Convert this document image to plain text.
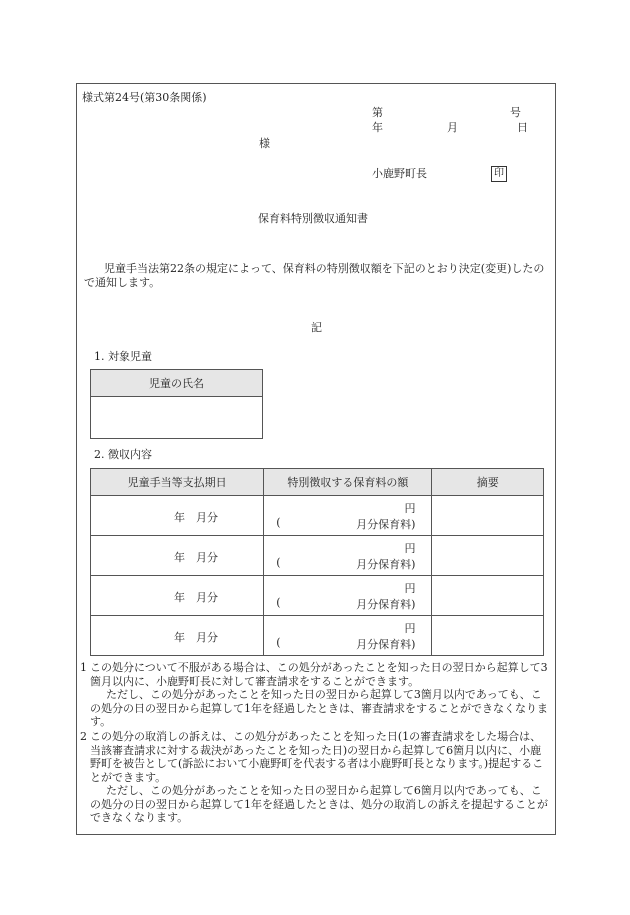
様式第24号(第30条関係)
第	号
年	月	日
様
小鹿野町長	印
保育料特別徴収通知書
児童手当法第22条の規定によって、保育料の特別徴収額を下記のとおり決定(変更)したので通知します。
記
1. 対象児童
児童の氏名

2. 徴収内容
児童手当等支払期日	特別徴収する保育料の額	摘要

年　月分	円
( 月分保育料)	

年　月分	円
( 月分保育料)	

年　月分	円
( 月分保育料)	

年　月分	円
( 月分保育料)	

1 この処分について不服がある場合は、この処分があったことを知った日の翌日から起算して3箇月以内に、小鹿野町長に対して審査請求をすることができます。
ただし、この処分があったことを知った日の翌日から起算して3箇月以内であっても、この処分の日の翌日から起算して1年を経過したときは、審査請求をすることができなくなります。
2 この処分の取消しの訴えは、この処分があったことを知った日(1の審査請求をした場合は、当該審査請求に対する裁決があったことを知った日)の翌日から起算して6箇月以内に、小鹿野町を被告として(訴訟において小鹿野町を代表する者は小鹿野町長となります。)提起することができます。
ただし、この処分があったことを知った日の翌日から起算して6箇月以内であっても、この処分の日の翌日から起算して1年を経過したときは、処分の取消しの訴えを提起することができなくなります。
